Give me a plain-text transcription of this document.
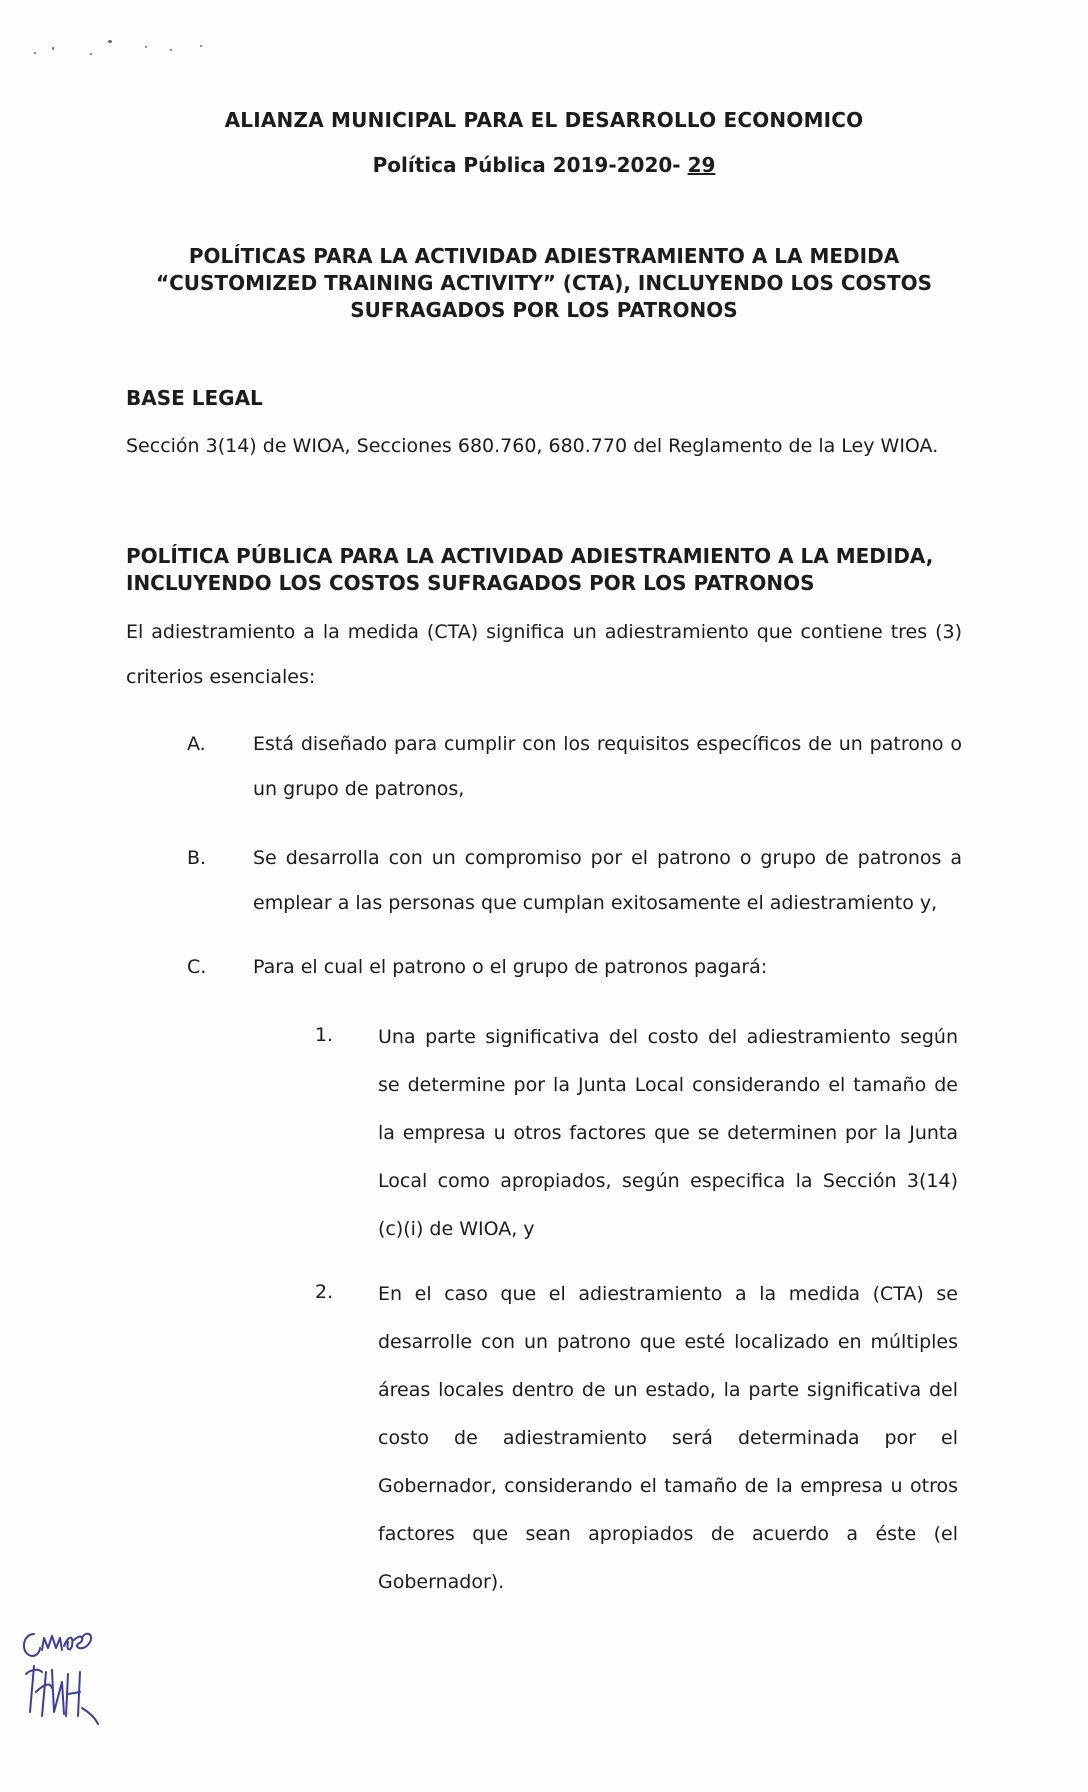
ALIANZA MUNICIPAL PARA EL DESARROLLO ECONOMICO
Política Pública 2019-2020- 29
POLÍTICAS PARA LA ACTIVIDAD ADIESTRAMIENTO A LA MEDIDA “CUSTOMIZED TRAINING ACTIVITY” (CTA), INCLUYENDO LOS COSTOS SUFRAGADOS POR LOS PATRONOS
BASE LEGAL
Sección 3(14) de WIOA, Secciones 680.760, 680.770 del Reglamento de la Ley WIOA.
POLÍTICA PÚBLICA PARA LA ACTIVIDAD ADIESTRAMIENTO A LA MEDIDA, INCLUYENDO LOS COSTOS SUFRAGADOS POR LOS PATRONOS
El adiestramiento a la medida (CTA) significa un adiestramiento que contiene tres (3) criterios esenciales:
A. Está diseñado para cumplir con los requisitos específicos de un patrono o un grupo de patronos,
B. Se desarrolla con un compromiso por el patrono o grupo de patronos a emplear a las personas que cumplan exitosamente el adiestramiento y,
C. Para el cual el patrono o el grupo de patronos pagará:
1. Una parte significativa del costo del adiestramiento según se determine por la Junta Local considerando el tamaño de la empresa u otros factores que se determinen por la Junta Local como apropiados, según especifica la Sección 3(14) (c)(i) de WIOA, y
2. En el caso que el adiestramiento a la medida (CTA) se desarrolle con un patrono que esté localizado en múltiples áreas locales dentro de un estado, la parte significativa del costo de adiestramiento será determinada por el Gobernador, considerando el tamaño de la empresa u otros factores que sean apropiados de acuerdo a éste (el Gobernador).
